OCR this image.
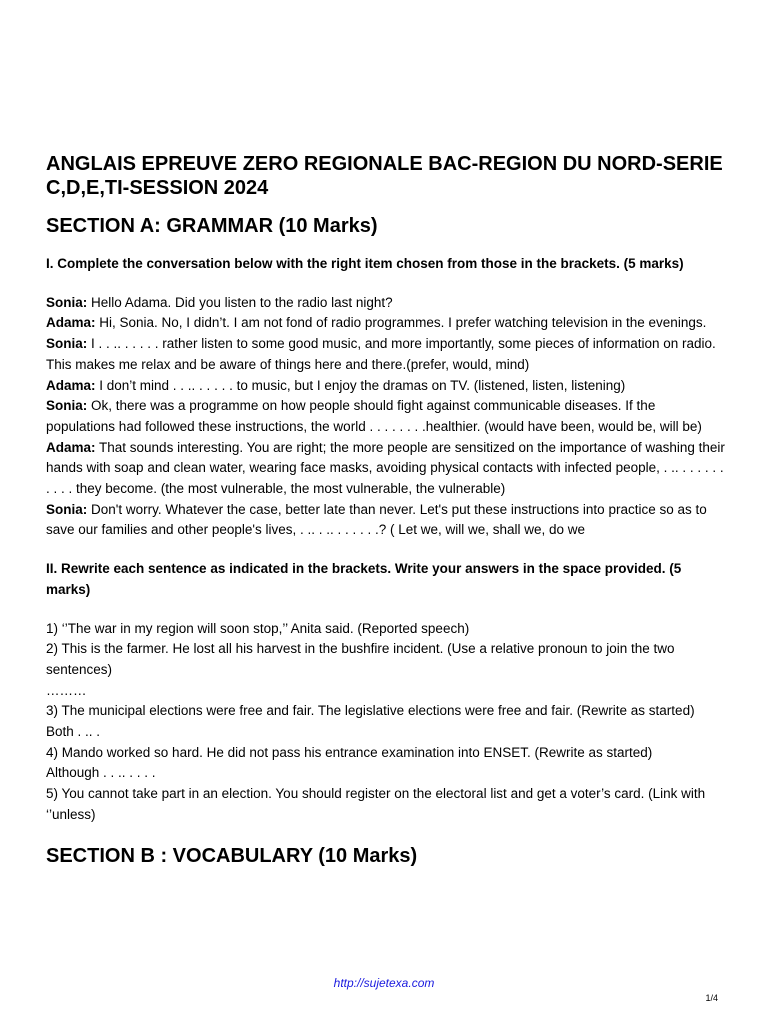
ANGLAIS EPREUVE ZERO REGIONALE BAC-REGION DU NORD-SERIE C,D,E,TI-SESSION 2024
SECTION A: GRAMMAR (10 Marks)

I. Complete the conversation below with the right item chosen from those in the brackets. (5 marks)

Sonia: Hello Adama. Did you listen to the radio last night?
Adama: Hi, Sonia. No, I didn’t. I am not fond of radio programmes. I prefer watching television in the evenings.
Sonia: I . . .. . . . . . rather listen to some good music, and more importantly, some pieces of information on radio. This makes me relax and be aware of things here and there.(prefer, would, mind)
Adama: I don’t mind . . .. . . . . . to music, but I enjoy the dramas on TV. (listened, listen, listening)
Sonia: Ok, there was a programme on how people should fight against communicable diseases. If the populations had followed these instructions, the world . . . . . . . .healthier. (would have been, would be, will be)
Adama: That sounds interesting. You are right; the more people are sensitized on the importance of washing their hands with soap and clean water, wearing face masks, avoiding physical contacts with infected people, . .. . . . . . . . . . . they become. (the most vulnerable, the most vulnerable, the vulnerable)
Sonia: Don't worry. Whatever the case, better late than never. Let's put these instructions into practice so as to save our families and other people's lives, . .. . .. . . . . . .? ( Let we, will we, shall we, do we

II. Rewrite each sentence as indicated in the brackets. Write your answers in the space provided. (5 marks)

1) ‘’The war in my region will soon stop,’’ Anita said. (Reported speech)
2) This is the farmer. He lost all his harvest in the bushfire incident. (Use a relative pronoun to join the two sentences)
………
3) The municipal elections were free and fair. The legislative elections were free and fair. (Rewrite as started)
Both . .. .
4) Mando worked so hard. He did not pass his entrance examination into ENSET. (Rewrite as started)
Although . . .. . . . .
5) You cannot take part in an election. You should register on the electoral list and get a voter’s card. (Link with ‘’unless)
SECTION B : VOCABULARY (10 Marks)
http://sujetexa.com
1/4
